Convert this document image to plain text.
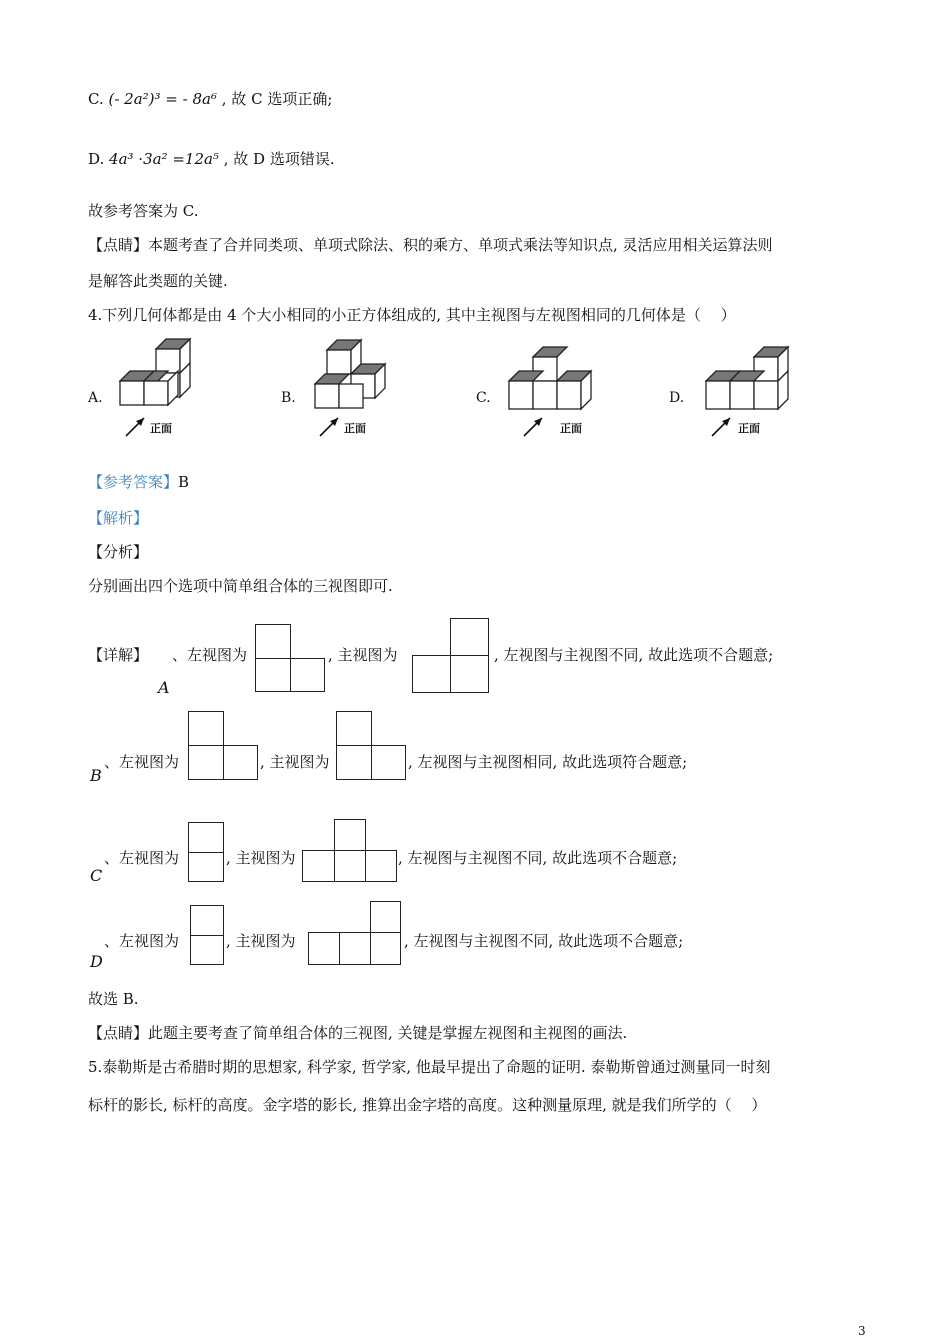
C. (- 2a²)³ = - 8a⁶ , 故 C 选项正确;
D. 4a³ ·3a² =12a⁵ , 故 D 选项错误.
故参考答案为 C.
【点睛】本题考查了合并同类项、单项式除法、积的乘方、单项式乘法等知识点, 灵活应用相关运算法则
是解答此类题的关键.
4.下列几何体都是由 4 个大小相同的小正方体组成的, 其中主视图与左视图相同的几何体是（　 ）
A.	B.	C.	D.
正面	正面	正面	正面
【参考答案】B
【解析】
【分析】
分别画出四个选项中简单组合体的三视图即可.
【详解】
A
、左视图为	, 主视图为	, 左视图与主视图不同, 故此选项不合题意;
B
、左视图为	, 主视图为	, 左视图与主视图相同, 故此选项符合题意;
C
、左视图为	, 主视图为	, 左视图与主视图不同, 故此选项不合题意;
D
、左视图为	, 主视图为	, 左视图与主视图不同, 故此选项不合题意;
故选 B.
【点睛】此题主要考查了简单组合体的三视图, 关键是掌握左视图和主视图的画法.
5.泰勒斯是古希腊时期的思想家, 科学家, 哲学家, 他最早提出了命题的证明. 泰勒斯曾通过测量同一时刻
标杆的影长, 标杆的高度。金字塔的影长, 推算出金字塔的高度。这种测量原理, 就是我们所学的（　 ）
3
